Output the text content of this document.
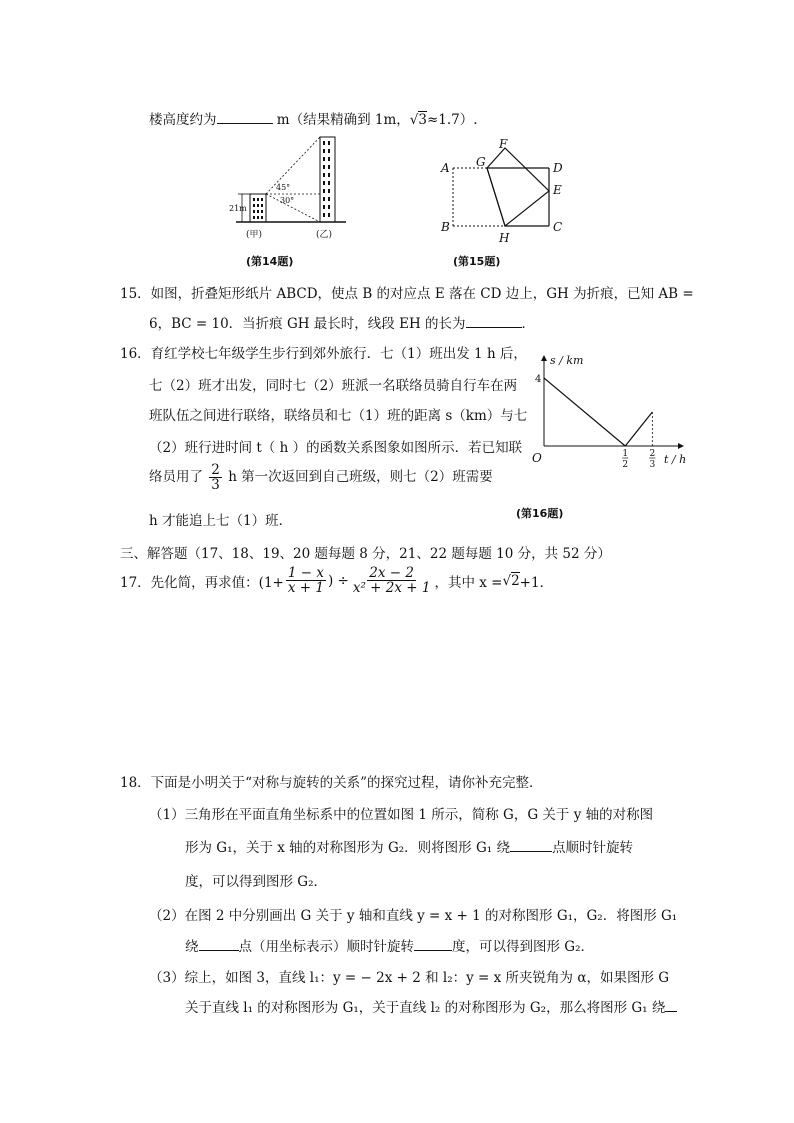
楼高度约为	m（结果精确到 1m，√3≈1.7）.
21m
45°
30°
(甲)	(乙)
(第14题)
A
B	C
D
E
F
G
H
(第15题)
15．如图，折叠矩形纸片 ABCD，使点 B 的对应点 E 落在 CD 边上，GH 为折痕，已知 AB =
6，BC = 10．当折痕 GH 最长时，线段 EH 的长为	．
16．育红学校七年级学生步行到郊外旅行．七（1）班出发 1 h 后，
七（2）班才出发，同时七（2）班派一名联络员骑自行车在两
班队伍之间进行联络，联络员和七（1）班的距离 s（km）与七
（2）班行进时间 t（ h ）的函数关系图象如图所示．若已知联
络员用了 $\frac{2}{3}$ h 第一次返回到自己班级，则七（2）班需要
h 才能追上七（1）班．
s / km
t / h
O
4
1
2
2
3
(第16题)
三、解答题（17、18、19、20 题每题 8 分，21、22 题每题 10 分，共 52 分）
17．先化简，再求值：($1+ \frac{1 - x}{x + 1}$ ) ÷ $\frac{2x - 2}{\text{x² + 2x + 1}}$ ，其中 x = √ 2 +1．
18．下面是小明关于“对称与旋转的关系”的探究过程，请你补充完整．
（1）三角形在平面直角坐标系中的位置如图 1 所示，简称 G，G 关于 y 轴的对称图
形为 G₁，关于 x 轴的对称图形为 G₂．则将图形 G₁ 绕	点顺时针旋转
度，可以得到图形 G₂．
（2）在图 2 中分别画出 G 关于 y 轴和直线 y = x + 1 的对称图形 G₁，G₂．将图形 G₁
绕	点（用坐标表示）顺时针旋转	度，可以得到图形 G₂．
（3）综上，如图 3，直线 l₁：y = − 2x + 2 和 l₂：y = x 所夹锐角为 α，如果图形 G
关于直线 l₁ 的对称图形为 G₁，关于直线 l₂ 的对称图形为 G₂，那么将图形 G₁ 绕
